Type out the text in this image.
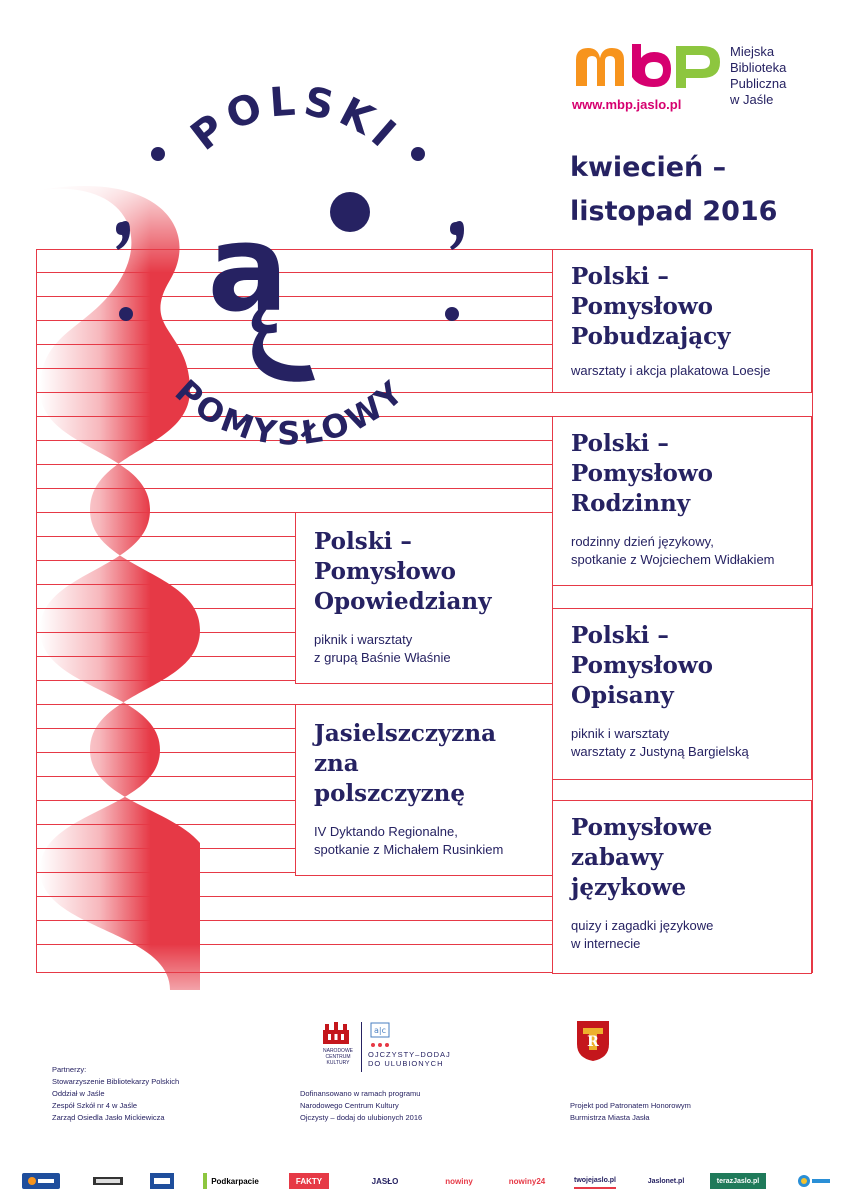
POLSKI
POMYSŁOWY
ą
www.mbp.jaslo.pl
Miejska
Biblioteka
Publiczna
w Jaśle
kwiecień –
listopad 2016
Polski –
Pomysłowo
Pobudzający
warsztaty i akcja plakatowa Loesje
Polski –
Pomysłowo
Rodzinny
rodzinny dzień językowy,
spotkanie z Wojciechem Widłakiem
Polski –
Pomysłowo
Opowiedziany
piknik i warsztaty
z grupą Baśnie Właśnie
Polski –
Pomysłowo
Opisany
piknik i warsztaty
warsztaty z Justyną Bargielską
Jasielszczyzna
zna
polszczyznę
IV Dyktando Regionalne,
spotkanie z Michałem Rusinkiem
Pomysłowe
zabawy
językowe
quizy i zagadki językowe
w internecie
Partnerzy:
Stowarzyszenie Bibliotekarzy Polskich
Oddział w Jaśle
Zespół Szkół nr 4 w Jaśle
Zarząd Osiedla Jasło Mickiewicza
NARODOWE
CENTRUM
KULTURY
a|c
OJCZYSTY–DODAJ
DO ULUBIONYCH
Dofinansowano w ramach programu
Narodowego Centrum Kultury
Ojczysty – dodaj do ulubionych 2016
R
Projekt pod Patronatem Honorowym
Burmistrza Miasta Jasła
Podkarpacie	FAKTY	JASŁO	nowiny	nowiny24	twojejaslo.pl	Jaslonet.pl	terazJaslo.pl
